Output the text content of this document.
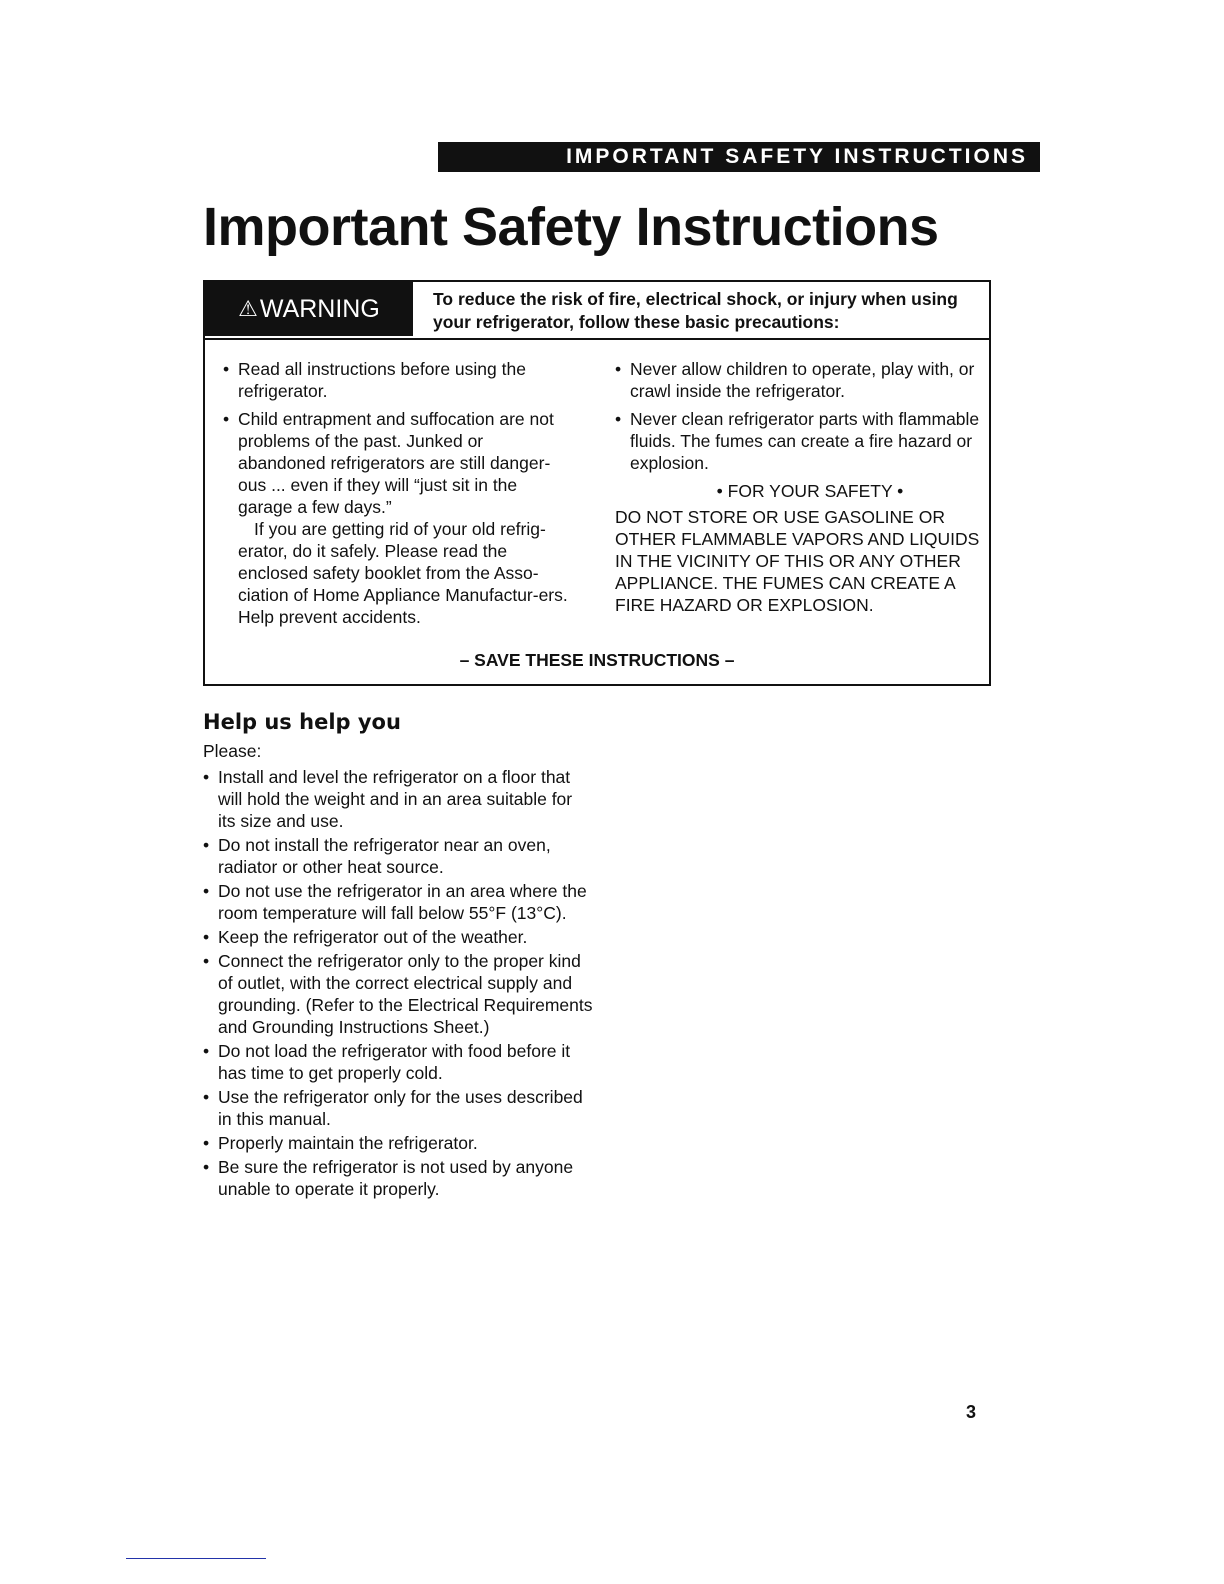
IMPORTANT SAFETY INSTRUCTIONS
Important Safety Instructions
⚠ WARNING	To reduce the risk of fire, electrical shock, or injury when using your refrigerator, follow these basic precautions:

• Read all instructions before using the refrigerator.

• Child entrapment and suffocation are not problems of the past. Junked or abandoned refrigerators are still danger-ous ... even if they will “just sit in the garage a few days.”

If you are getting rid of your old refrig-erator, do it safely. Please read the enclosed safety booklet from the Asso-ciation of Home Appliance Manufactur-ers. Help prevent accidents.

• Never allow children to operate, play with, or crawl inside the refrigerator.

• Never clean refrigerator parts with flammable fluids. The fumes can create a fire hazard or explosion.

• FOR YOUR SAFETY •

DO NOT STORE OR USE GASOLINE OR OTHER FLAMMABLE VAPORS AND LIQUIDS IN THE VICINITY OF THIS OR ANY OTHER APPLIANCE. THE FUMES CAN CREATE A FIRE HAZARD OR EXPLOSION.

– SAVE THESE INSTRUCTIONS –
Help us help you

Please:

• Install and level the refrigerator on a floor that will hold the weight and in an area suitable for its size and use.

• Do not install the refrigerator near an oven, radiator or other heat source.

• Do not use the refrigerator in an area where the room temperature will fall below 55°F (13°C).

• Keep the refrigerator out of the weather.

• Connect the refrigerator only to the proper kind of outlet, with the correct electrical supply and grounding. (Refer to the Electrical Requirements and Grounding Instructions Sheet.)

• Do not load the refrigerator with food before it has time to get properly cold.

• Use the refrigerator only for the uses described in this manual.

• Properly maintain the refrigerator.

• Be sure the refrigerator is not used by anyone unable to operate it properly.

3
